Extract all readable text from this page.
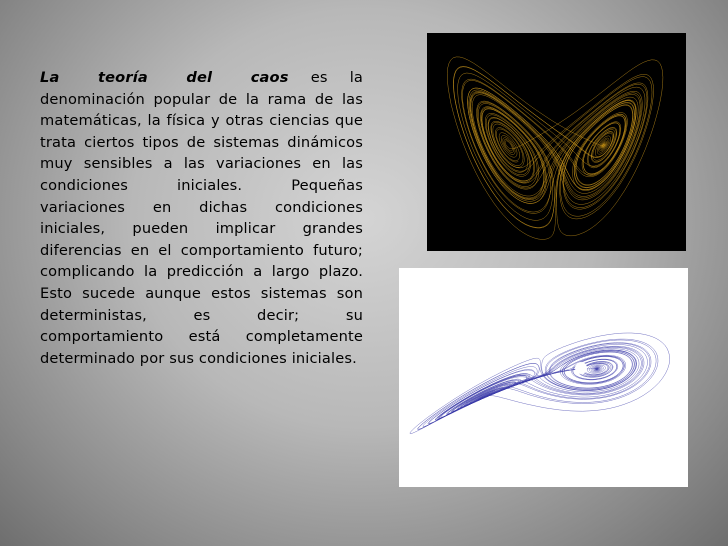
La teoría del caos es la denominación popular de la rama de las matemáticas, la física y otras ciencias que trata ciertos tipos de sistemas dinámicos muy sensibles a las variaciones en las condiciones iniciales. Pequeñas variaciones en dichas condiciones iniciales, pueden implicar grandes diferencias en el comportamiento futuro; complicando la predicción a largo plazo. Esto sucede aunque estos sistemas son deterministas, es decir; su comportamiento está completamente determinado por sus condiciones iniciales.
